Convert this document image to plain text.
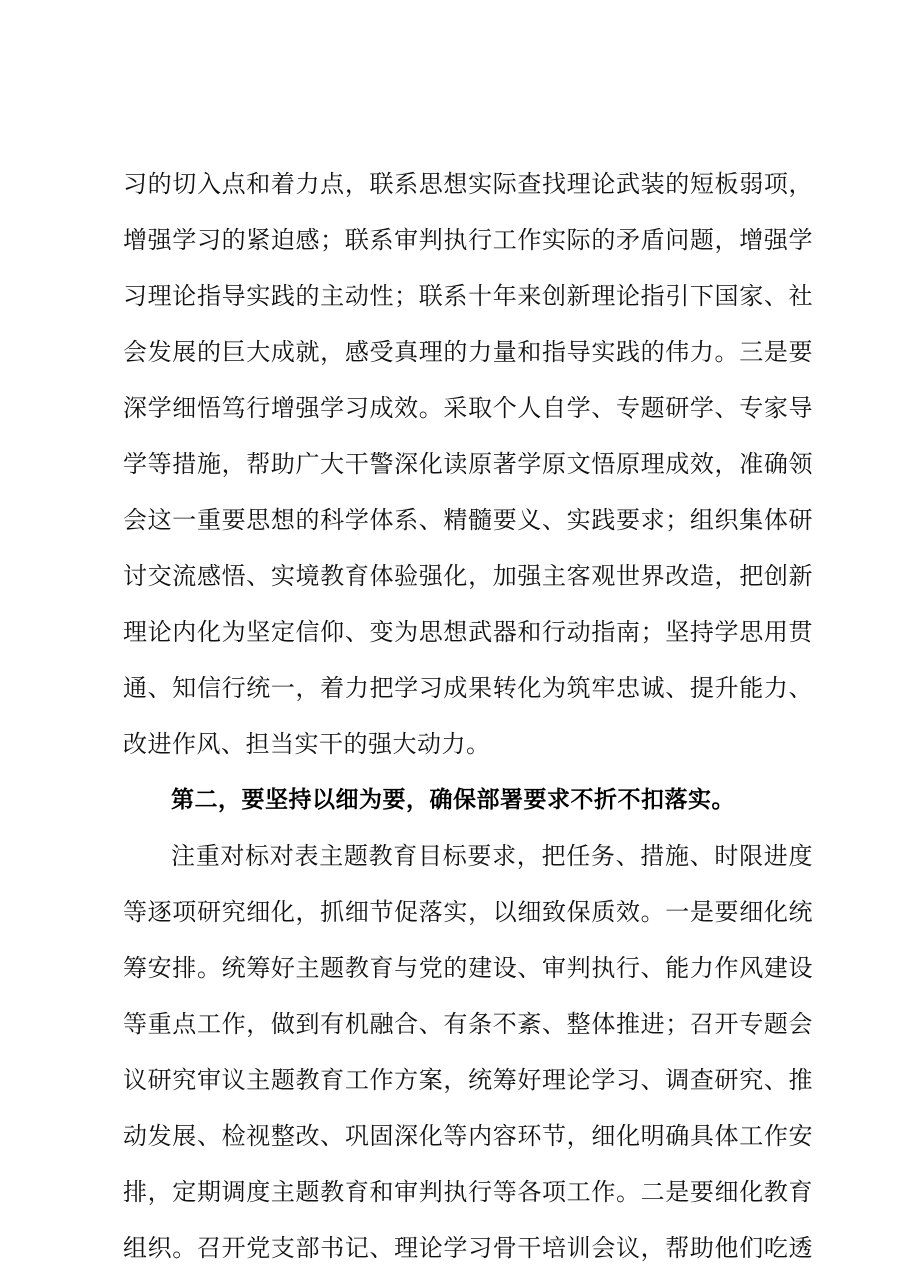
习的切入点和着力点，联系思想实际查找理论武装的短板弱项，
增强学习的紧迫感；联系审判执行工作实际的矛盾问题，增强学
习理论指导实践的主动性；联系十年来创新理论指引下国家、社
会发展的巨大成就，感受真理的力量和指导实践的伟力。三是要
深学细悟笃行增强学习成效。采取个人自学、专题研学、专家导
学等措施，帮助广大干警深化读原著学原文悟原理成效，准确领
会这一重要思想的科学体系、精髓要义、实践要求；组织集体研
讨交流感悟、实境教育体验强化，加强主客观世界改造，把创新
理论内化为坚定信仰、变为思想武器和行动指南；坚持学思用贯
通、知信行统一，着力把学习成果转化为筑牢忠诚、提升能力、
改进作风、担当实干的强大动力。
第二，要坚持以细为要，确保部署要求不折不扣落实。
注重对标对表主题教育目标要求，把任务、措施、时限进度
等逐项研究细化，抓细节促落实，以细致保质效。一是要细化统
筹安排。统筹好主题教育与党的建设、审判执行、能力作风建设
等重点工作，做到有机融合、有条不紊、整体推进；召开专题会
议研究审议主题教育工作方案，统筹好理论学习、调查研究、推
动发展、检视整改、巩固深化等内容环节，细化明确具体工作安
排，定期调度主题教育和审判执行等各项工作。二是要细化教育
组织。召开党支部书记、理论学习骨干培训会议，帮助他们吃透
